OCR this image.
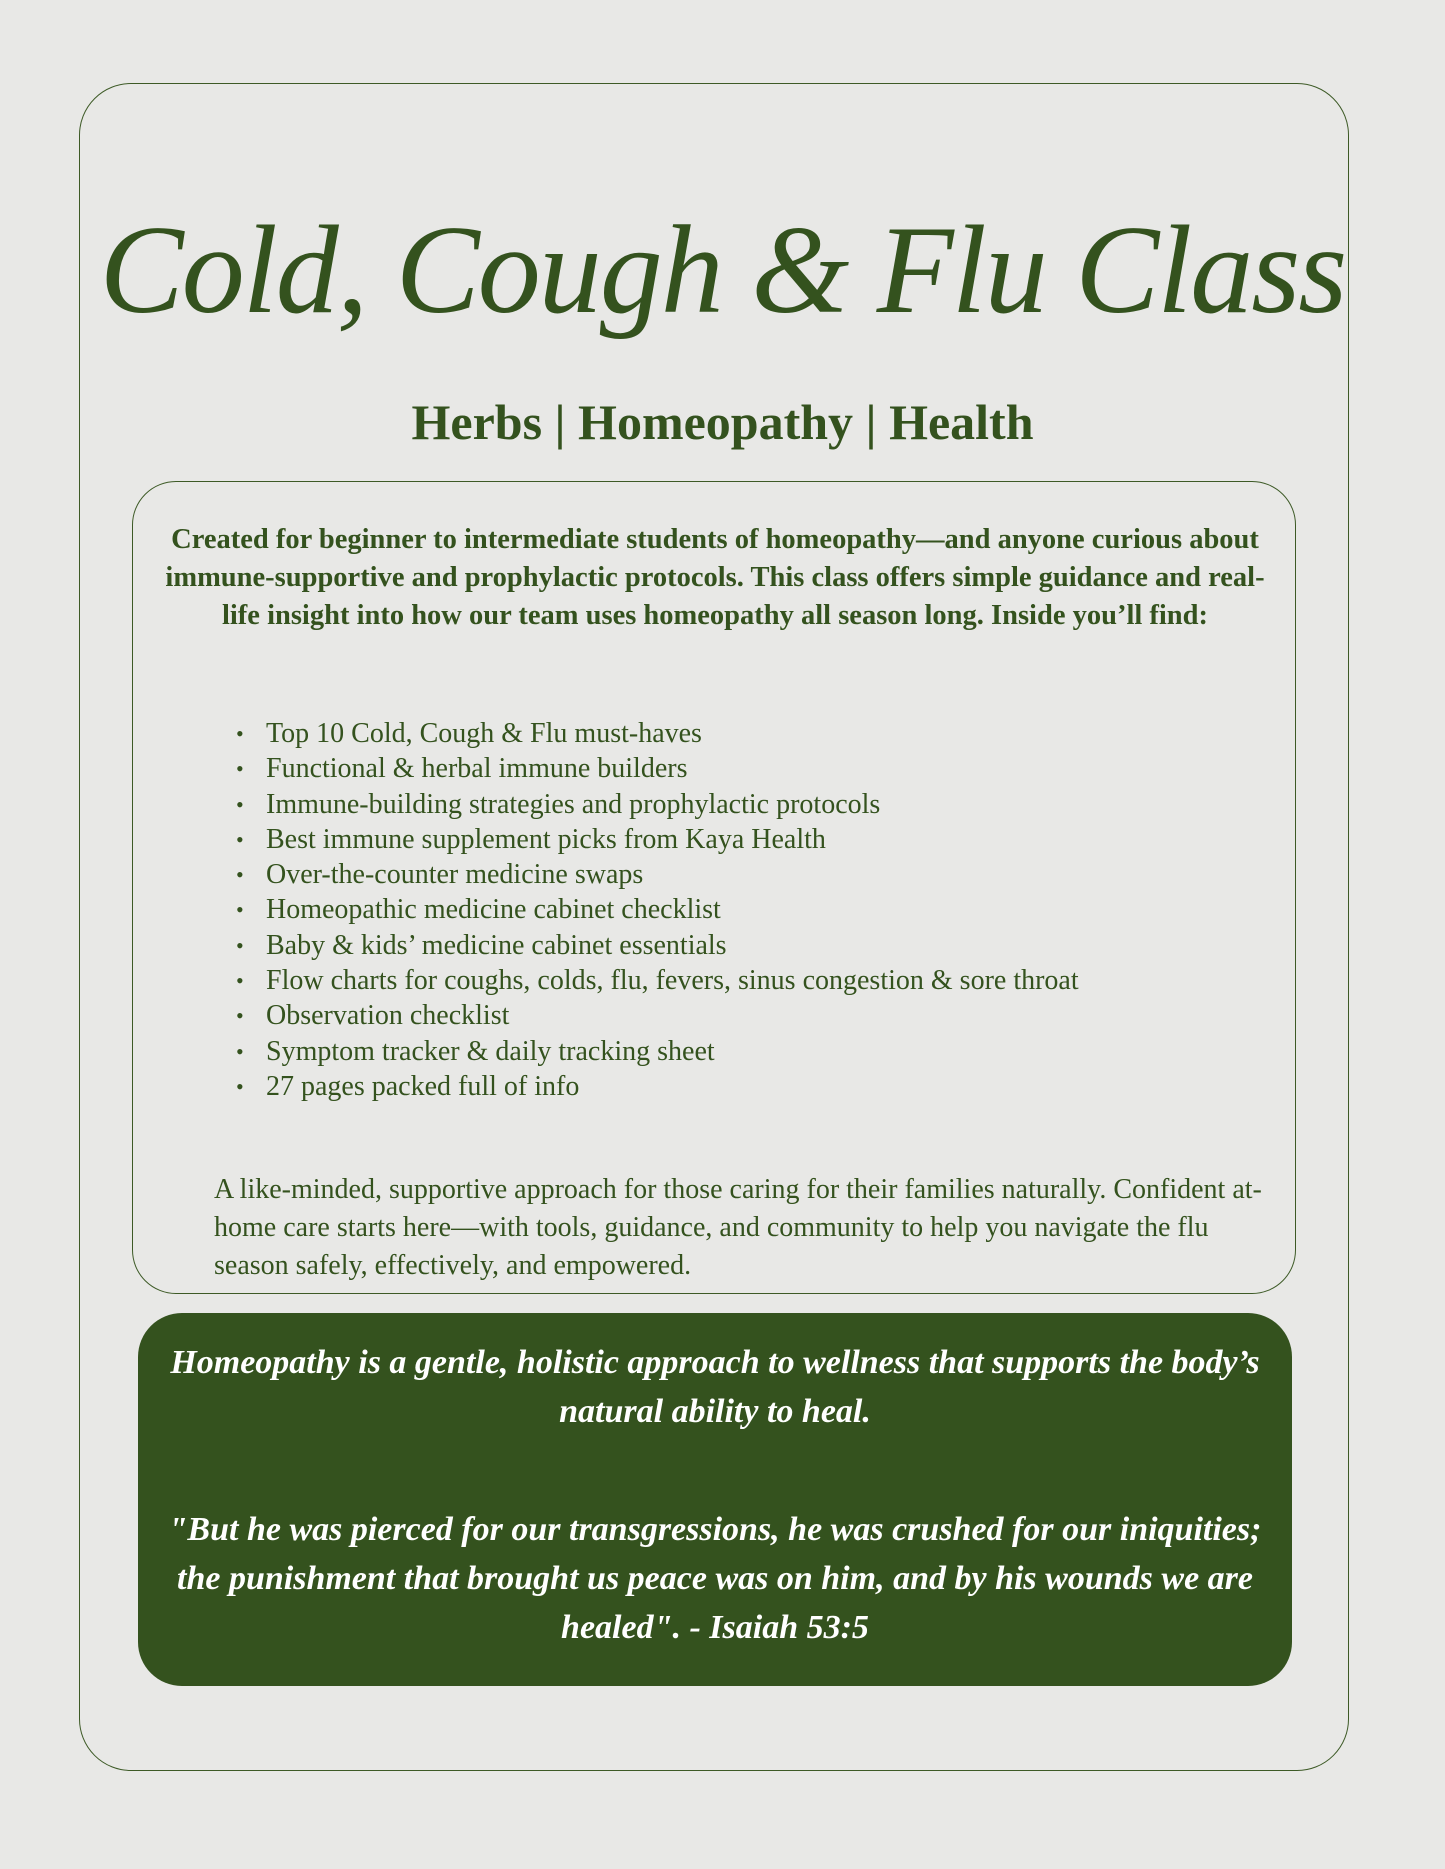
Cold, Cough & Flu Class
Herbs | Homeopathy | Health

Created for beginner to intermediate students of homeopathy—and anyone curious about immune-supportive and prophylactic protocols. This class offers simple guidance and real-life insight into how our team uses homeopathy all season long. Inside you’ll find:

• Top 10 Cold, Cough & Flu must-haves
• Functional & herbal immune builders
• Immune-building strategies and prophylactic protocols
• Best immune supplement picks from Kaya Health
• Over-the-counter medicine swaps
• Homeopathic medicine cabinet checklist
• Baby & kids’ medicine cabinet essentials
• Flow charts for coughs, colds, flu, fevers, sinus congestion & sore throat
• Observation checklist
• Symptom tracker & daily tracking sheet
• 27 pages packed full of info

A like-minded, supportive approach for those caring for their families naturally. Confident at-home care starts here—with tools, guidance, and community to help you navigate the flu season safely, effectively, and empowered.

Homeopathy is a gentle, holistic approach to wellness that supports the body’s natural ability to heal.

"But he was pierced for our transgressions, he was crushed for our iniquities; the punishment that brought us peace was on him, and by his wounds we are healed". - Isaiah 53:5
